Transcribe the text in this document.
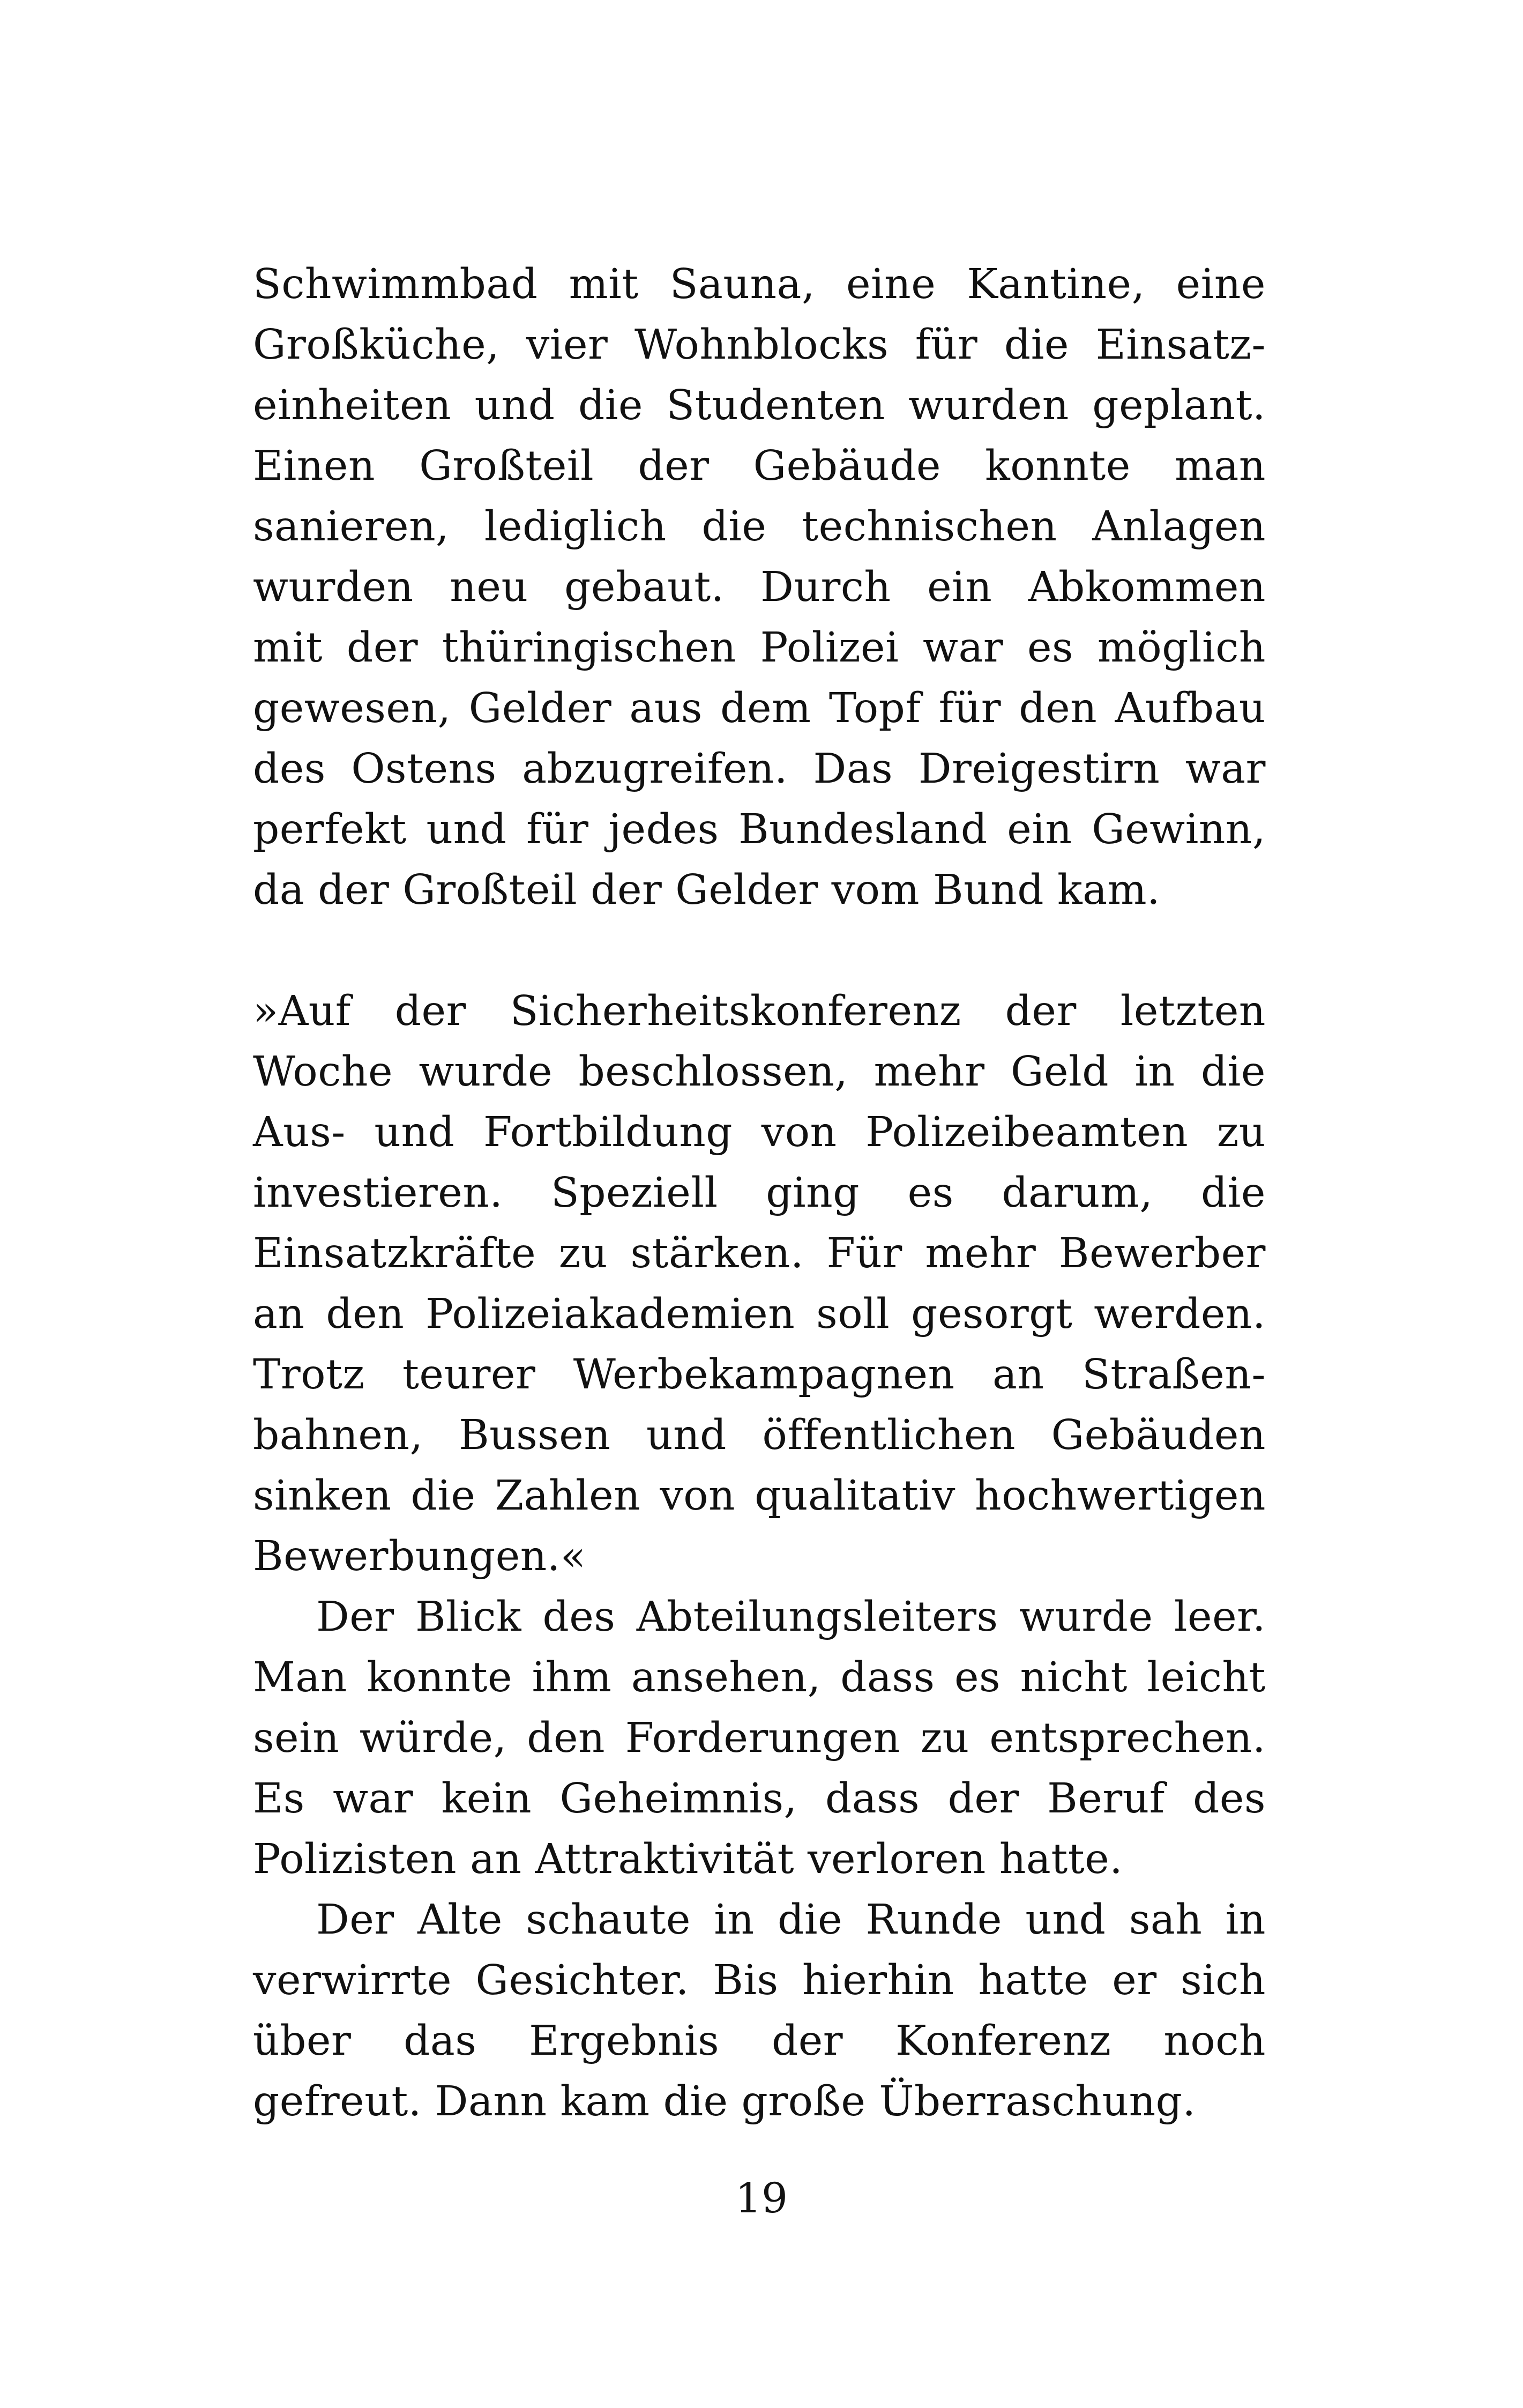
Schwimmbad mit Sauna, eine Kantine, eine
Großküche, vier Wohnblocks für die Einsatz-
einheiten und die Studenten wurden geplant.
Einen Großteil der Gebäude konnte man
sanieren, lediglich die technischen Anlagen
wurden neu gebaut. Durch ein Abkommen
mit der thüringischen Polizei war es möglich
gewesen, Gelder aus dem Topf für den Aufbau
des Ostens abzugreifen. Das Dreigestirn war
perfekt und für jedes Bundesland ein Gewinn,
da der Großteil der Gelder vom Bund kam.
»Auf der Sicherheitskonferenz der letzten
Woche wurde beschlossen, mehr Geld in die
Aus- und Fortbildung von Polizeibeamten zu
investieren. Speziell ging es darum, die
Einsatzkräfte zu stärken. Für mehr Bewerber
an den Polizeiakademien soll gesorgt werden.
Trotz teurer Werbekampagnen an Straßen-
bahnen, Bussen und öffentlichen Gebäuden
sinken die Zahlen von qualitativ hochwertigen
Bewerbungen.«
Der Blick des Abteilungsleiters wurde leer.
Man konnte ihm ansehen, dass es nicht leicht
sein würde, den Forderungen zu entsprechen.
Es war kein Geheimnis, dass der Beruf des
Polizisten an Attraktivität verloren hatte.
Der Alte schaute in die Runde und sah in
verwirrte Gesichter. Bis hierhin hatte er sich
über das Ergebnis der Konferenz noch
gefreut. Dann kam die große Überraschung.
19
